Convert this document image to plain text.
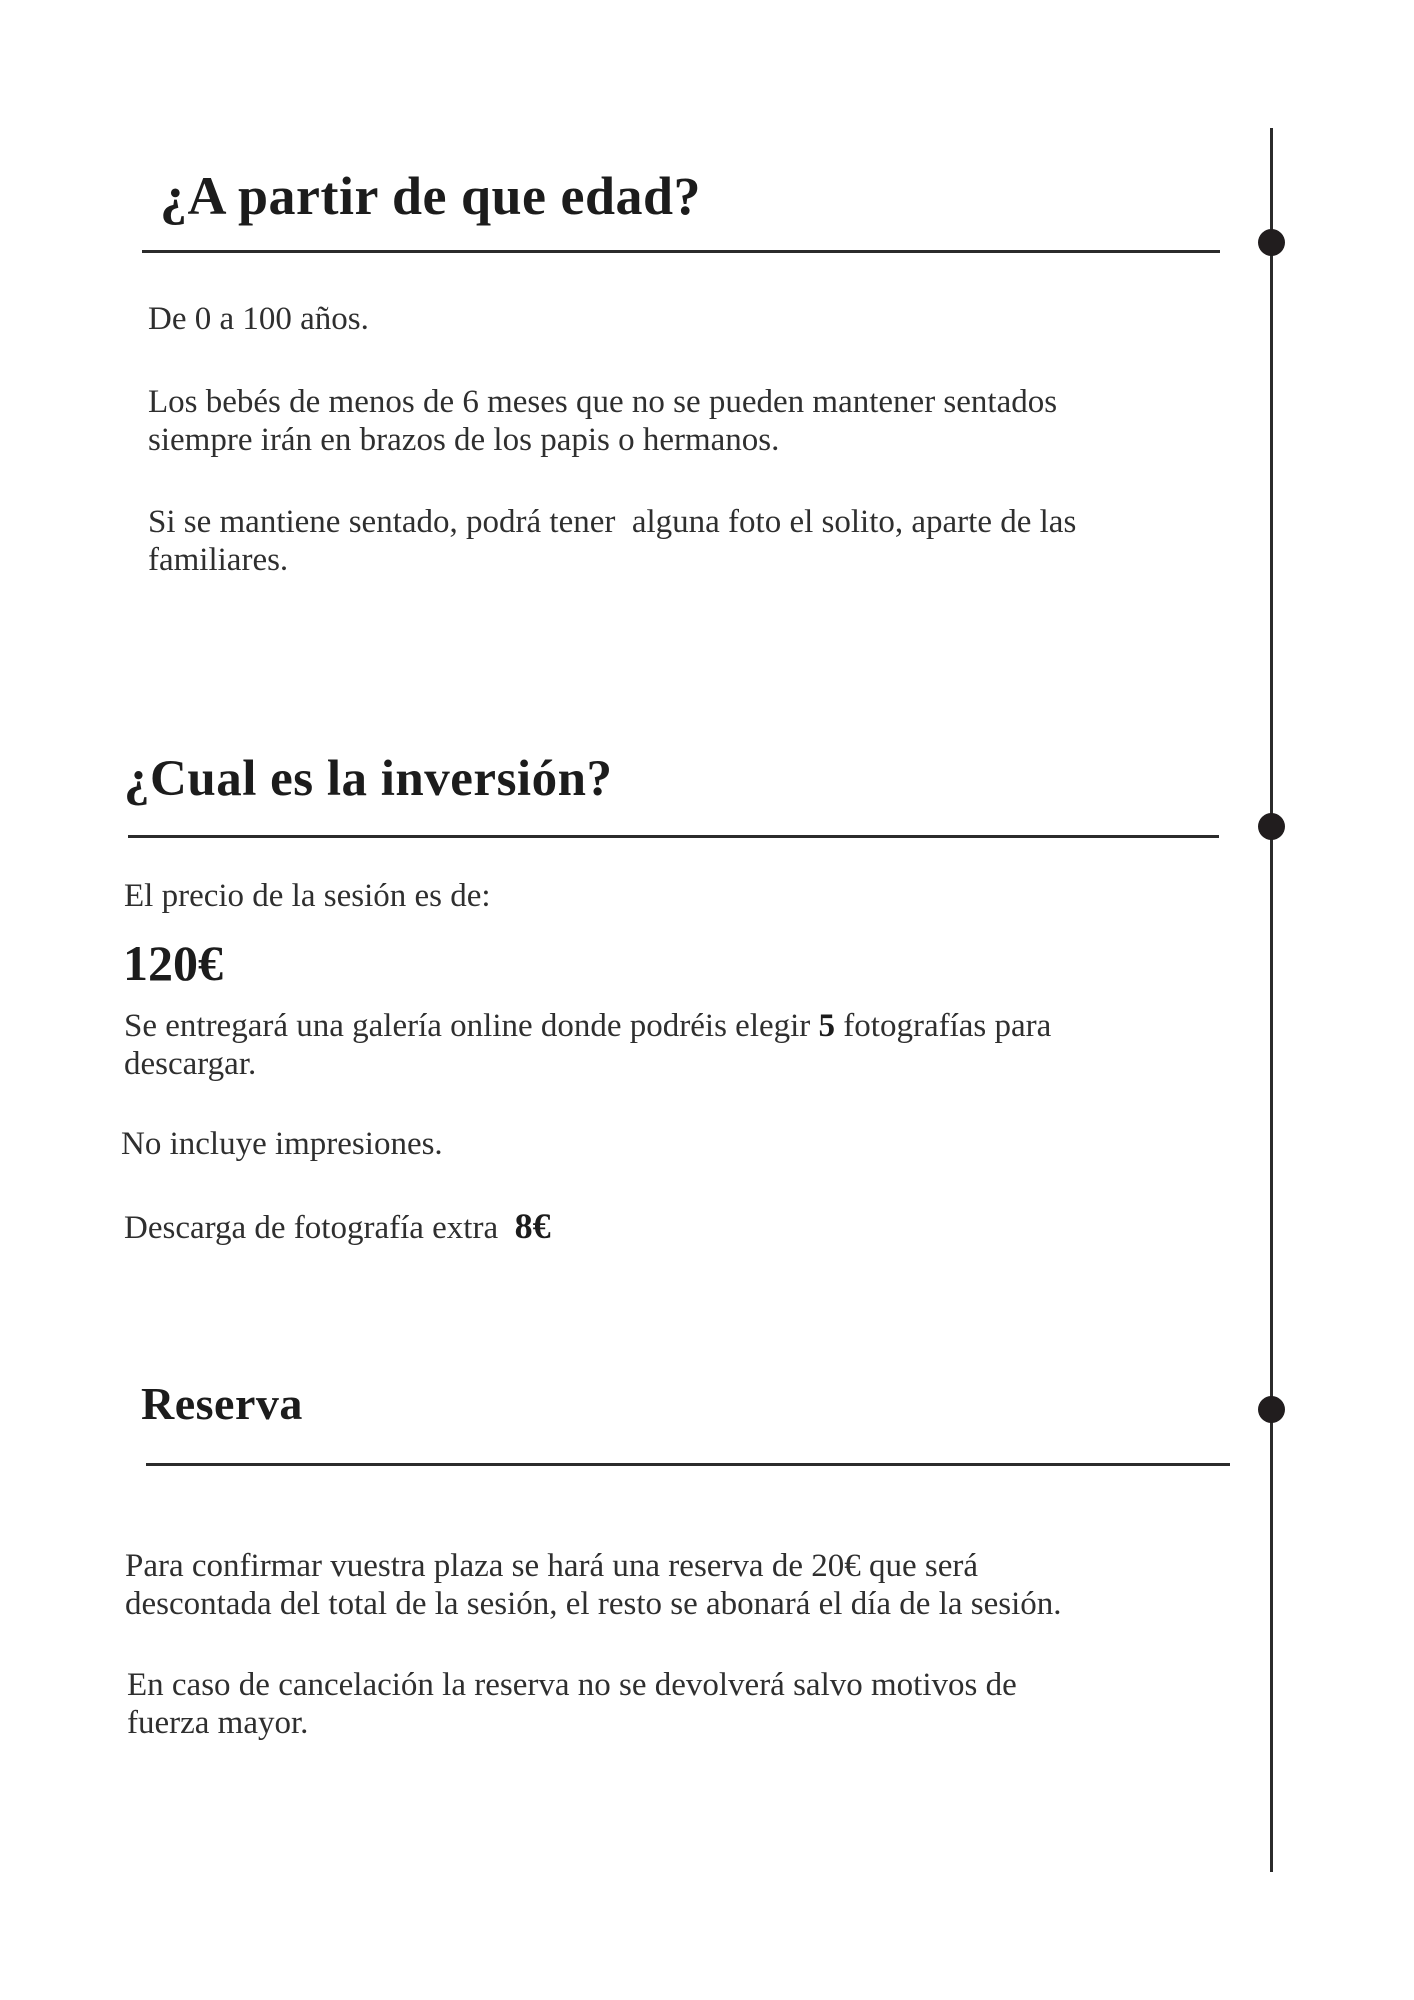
¿A partir de que edad?
De 0 a 100 años.
Los bebés de menos de 6 meses que no se pueden mantener sentados
siempre irán en brazos de los papis o hermanos.
Si se mantiene sentado, podrá tener  alguna foto el solito, aparte de las
familiares.
¿Cual es la inversión?
El precio de la sesión es de:

120€

Se entregará una galería online donde podréis elegir 5 fotografías para
descargar.
No incluye impresiones.
Descarga de fotografía extra  8€
Reserva
Para confirmar vuestra plaza se hará una reserva de 20€ que será
descontada del total de la sesión, el resto se abonará el día de la sesión.
En caso de cancelación la reserva no se devolverá salvo motivos de
fuerza mayor.
